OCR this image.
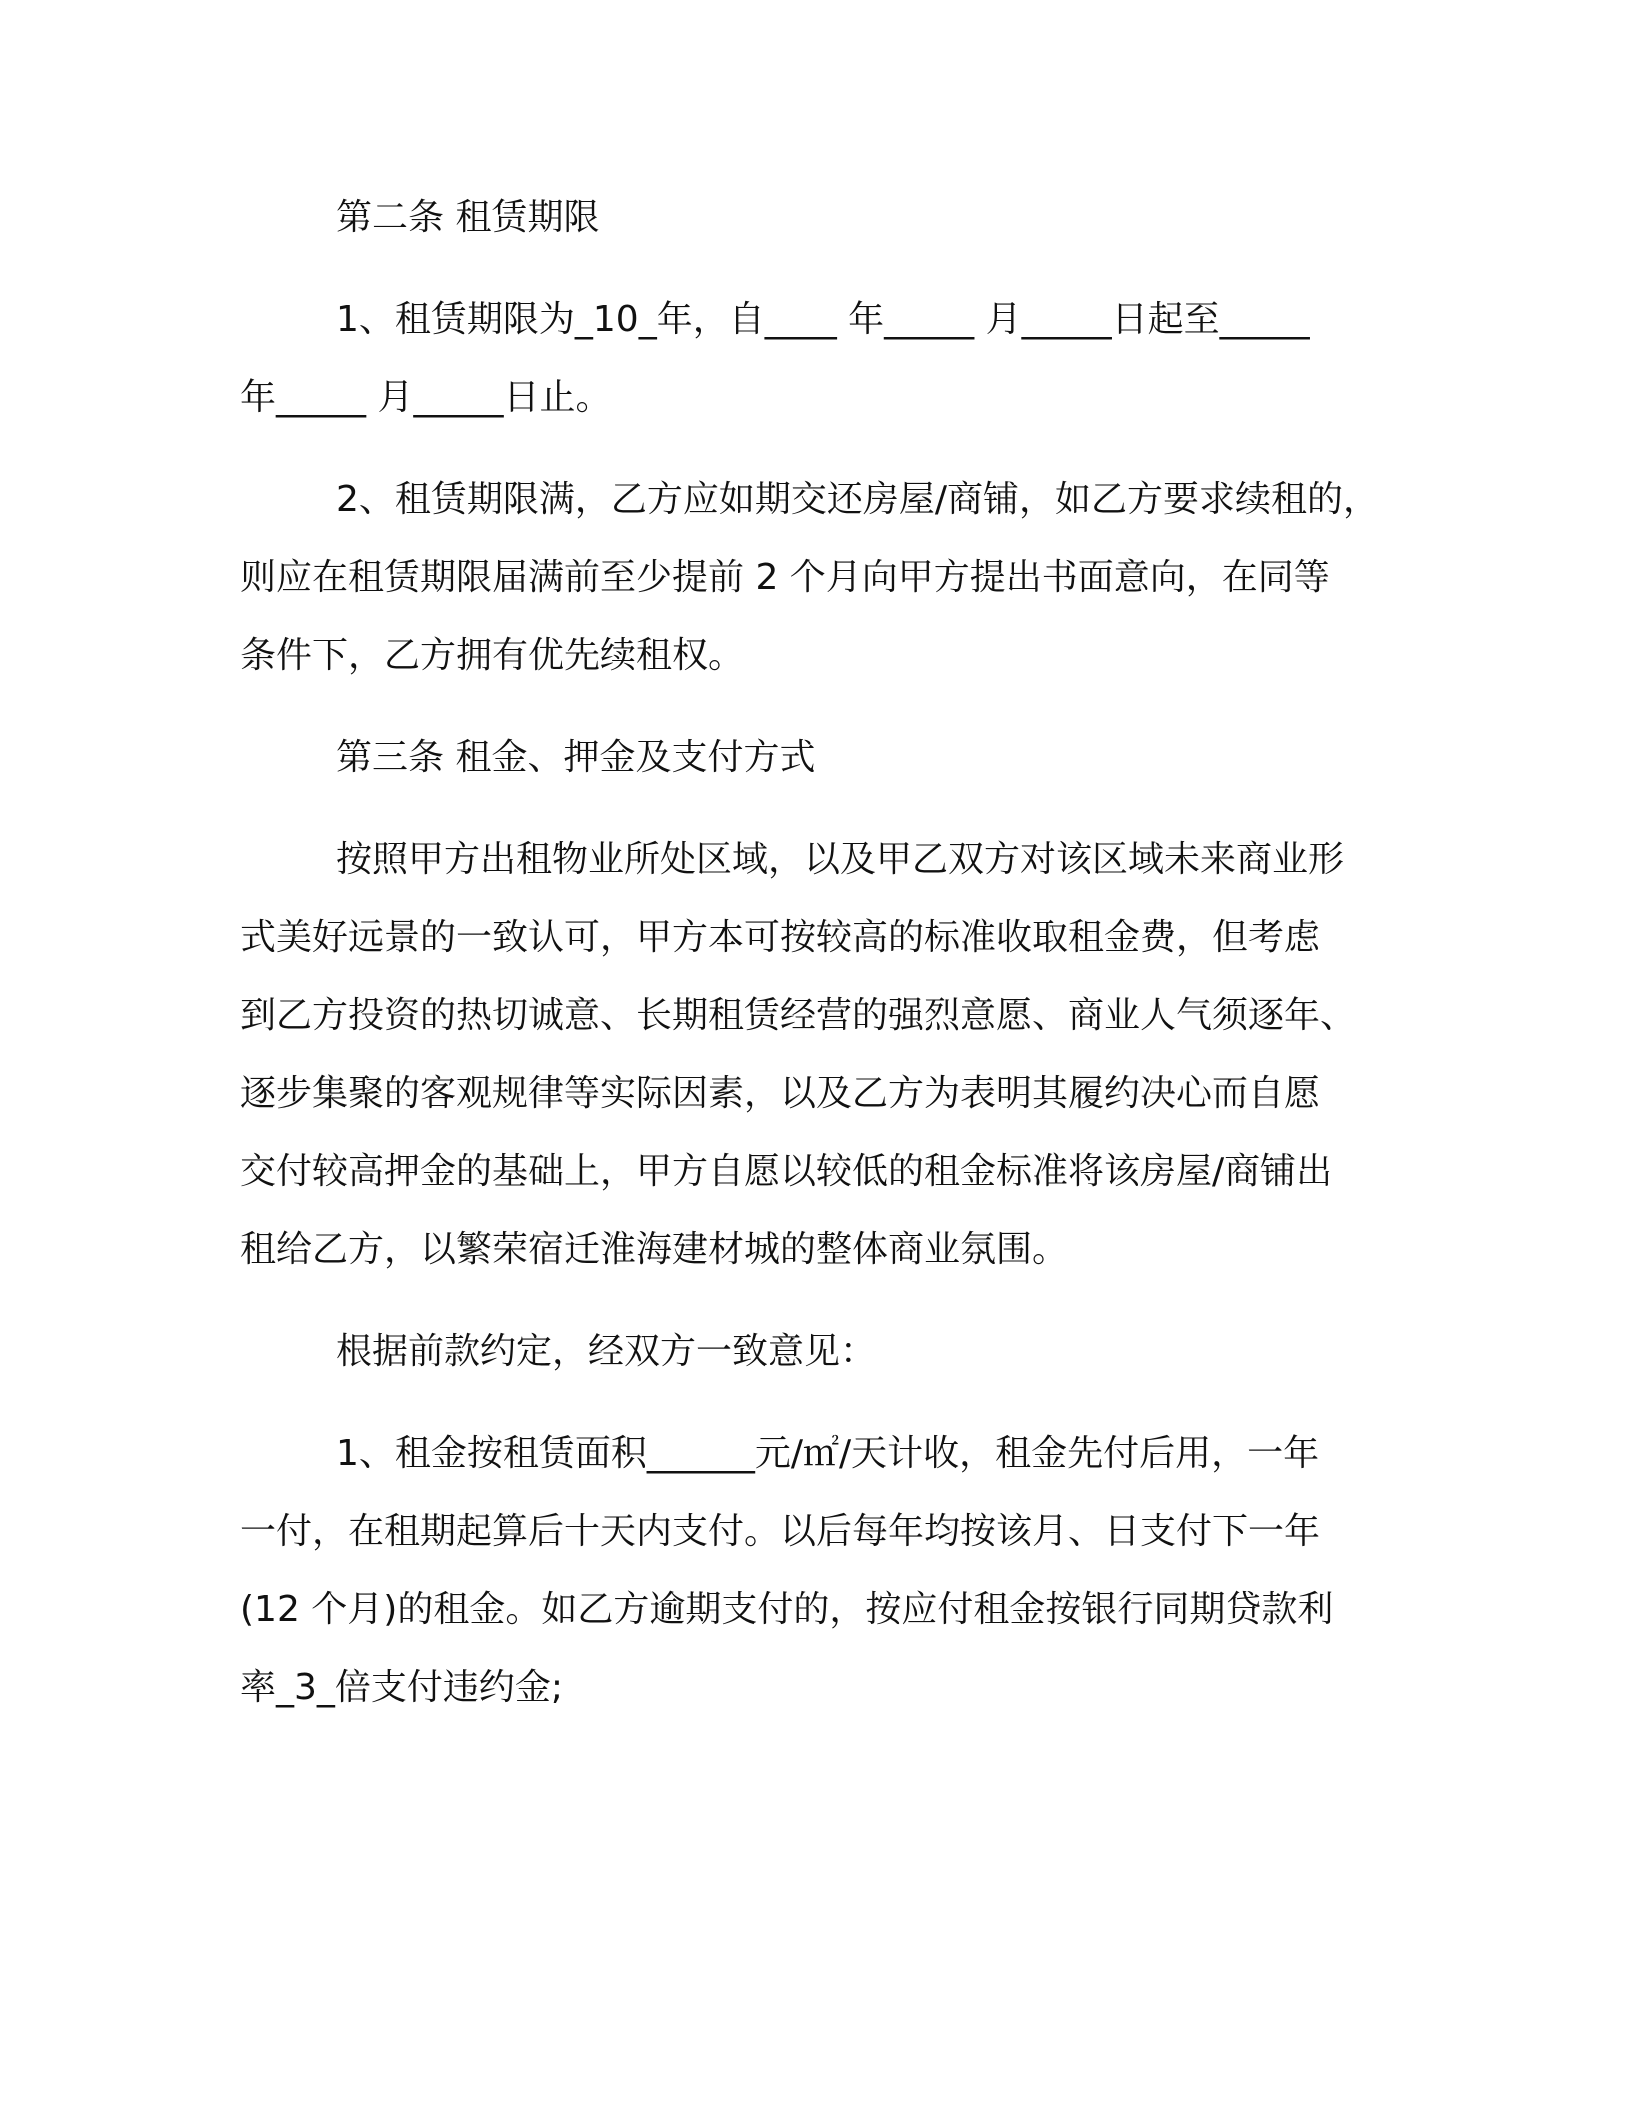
第二条 租赁期限
1、租赁期限为_10_年，自____ 年_____ 月_____日起至_____
年_____ 月_____日止。
2、租赁期限满，乙方应如期交还房屋/商铺，如乙方要求续租的，
则应在租赁期限届满前至少提前 2 个月向甲方提出书面意向，在同等
条件下，乙方拥有优先续租权。
第三条 租金、押金及支付方式
按照甲方出租物业所处区域，以及甲乙双方对该区域未来商业形
式美好远景的一致认可，甲方本可按较高的标准收取租金费，但考虑
到乙方投资的热切诚意、长期租赁经营的强烈意愿、商业人气须逐年、
逐步集聚的客观规律等实际因素，以及乙方为表明其履约决心而自愿
交付较高押金的基础上，甲方自愿以较低的租金标准将该房屋/商铺出
租给乙方，以繁荣宿迁淮海建材城的整体商业氛围。
根据前款约定，经双方一致意见：
1、租金按租赁面积______元/㎡/天计收，租金先付后用，一年
一付，在租期起算后十天内支付。以后每年均按该月、日支付下一年
(12 个月)的租金。如乙方逾期支付的，按应付租金按银行同期贷款利
率_3_倍支付违约金;
